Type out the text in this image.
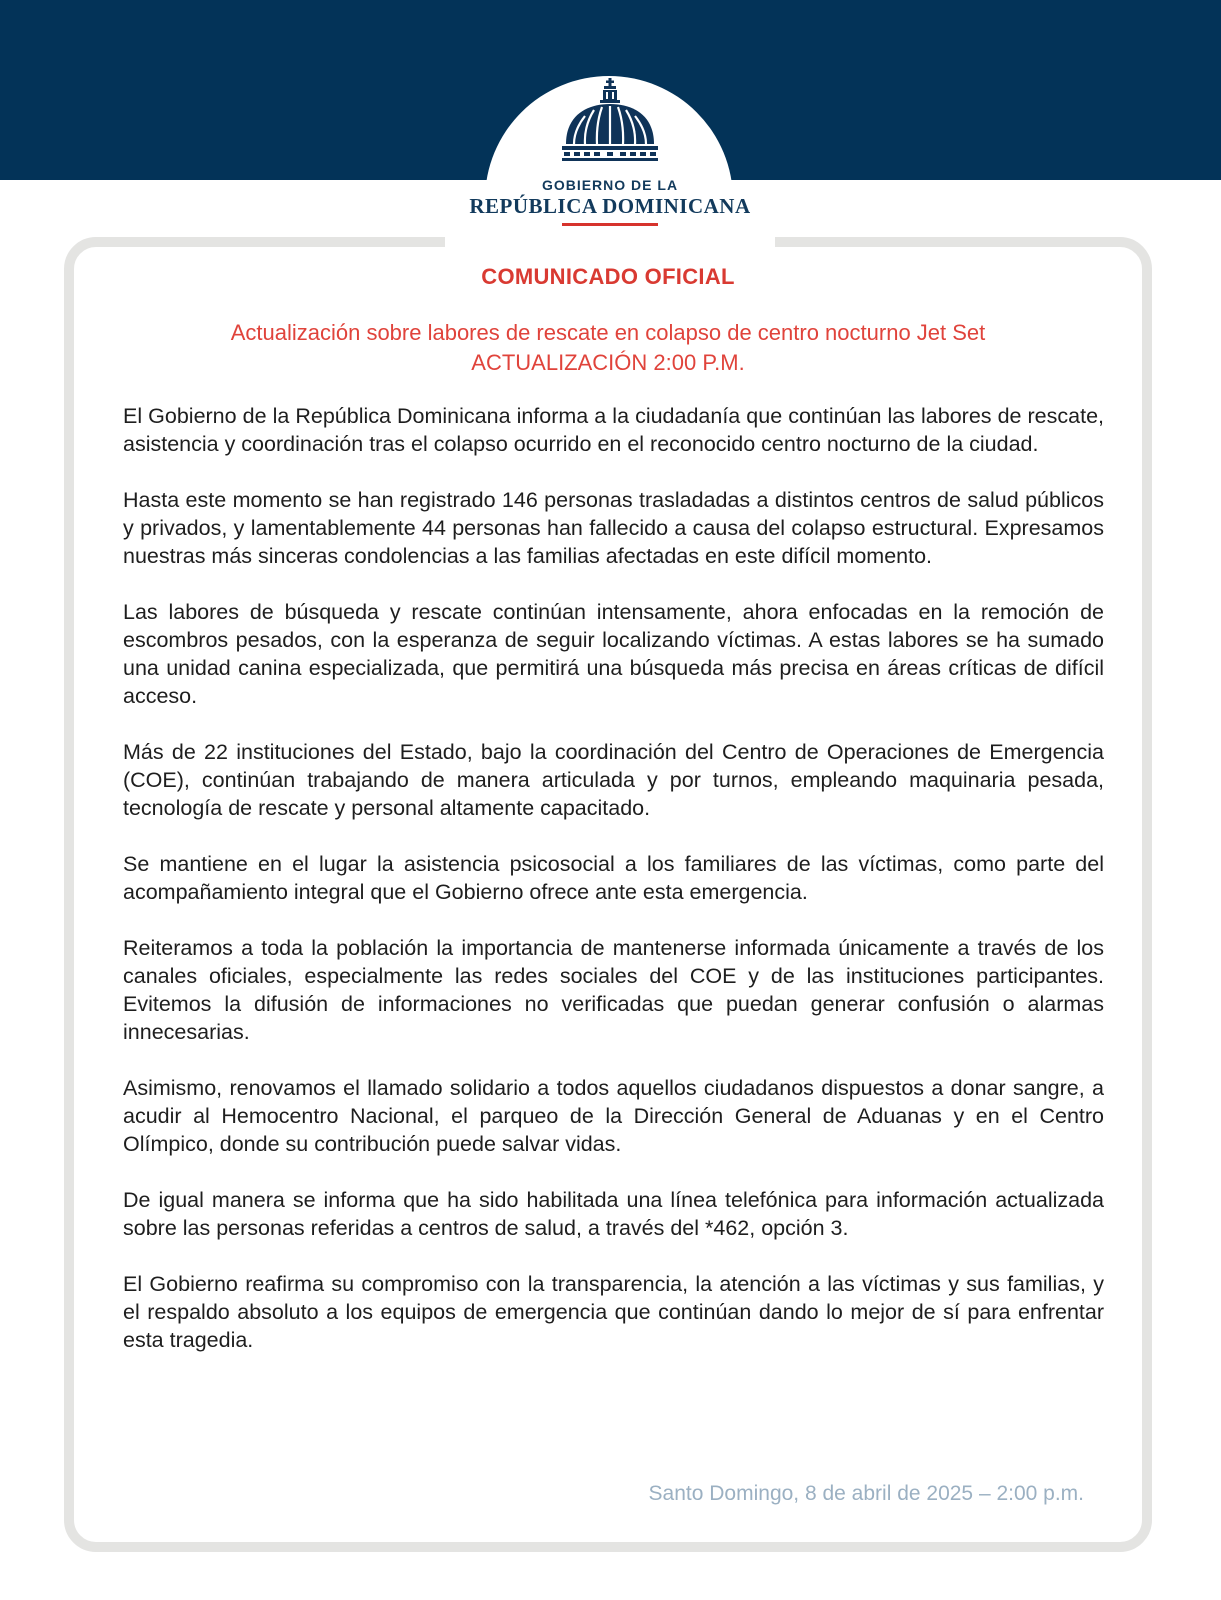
GOBIERNO DE LA
REPÚBLICA DOMINICANA
COMUNICADO OFICIAL
Actualización sobre labores de rescate en colapso de centro nocturno Jet Set
ACTUALIZACIÓN 2:00 P.M.

El Gobierno de la República Dominicana informa a la ciudadanía que continúan las labores de rescate, asistencia y coordinación tras el colapso ocurrido en el reconocido centro nocturno de la ciudad.

Hasta este momento se han registrado 146 personas trasladadas a distintos centros de salud públicos y privados, y lamentablemente 44 personas han fallecido a causa del colapso estructural. Expresamos nuestras más sinceras condolencias a las familias afectadas en este difícil momento.

Las labores de búsqueda y rescate continúan intensamente, ahora enfocadas en la remoción de escombros pesados, con la esperanza de seguir localizando víctimas. A estas labores se ha sumado una unidad canina especializada, que permitirá una búsqueda más precisa en áreas críticas de difícil acceso.

Más de 22 instituciones del Estado, bajo la coordinación del Centro de Operaciones de Emergencia (COE), continúan trabajando de manera articulada y por turnos, empleando maquinaria pesada, tecnología de rescate y personal altamente capacitado.

Se mantiene en el lugar la asistencia psicosocial a los familiares de las víctimas, como parte del acompañamiento integral que el Gobierno ofrece ante esta emergencia.

Reiteramos a toda la población la importancia de mantenerse informada únicamente a través de los canales oficiales, especialmente las redes sociales del COE y de las instituciones participantes. Evitemos la difusión de informaciones no verificadas que puedan generar confusión o alarmas innecesarias.

Asimismo, renovamos el llamado solidario a todos aquellos ciudadanos dispuestos a donar sangre, a acudir al Hemocentro Nacional, el parqueo de la Dirección General de Aduanas y en el Centro Olímpico, donde su contribución puede salvar vidas.

De igual manera se informa que ha sido habilitada una línea telefónica para información actualizada sobre las personas referidas a centros de salud, a través del *462, opción 3.

El Gobierno reafirma su compromiso con la transparencia, la atención a las víctimas y sus familias, y el respaldo absoluto a los equipos de emergencia que continúan dando lo mejor de sí para enfrentar esta tragedia.

Santo Domingo, 8 de abril de 2025 – 2:00 p.m.
